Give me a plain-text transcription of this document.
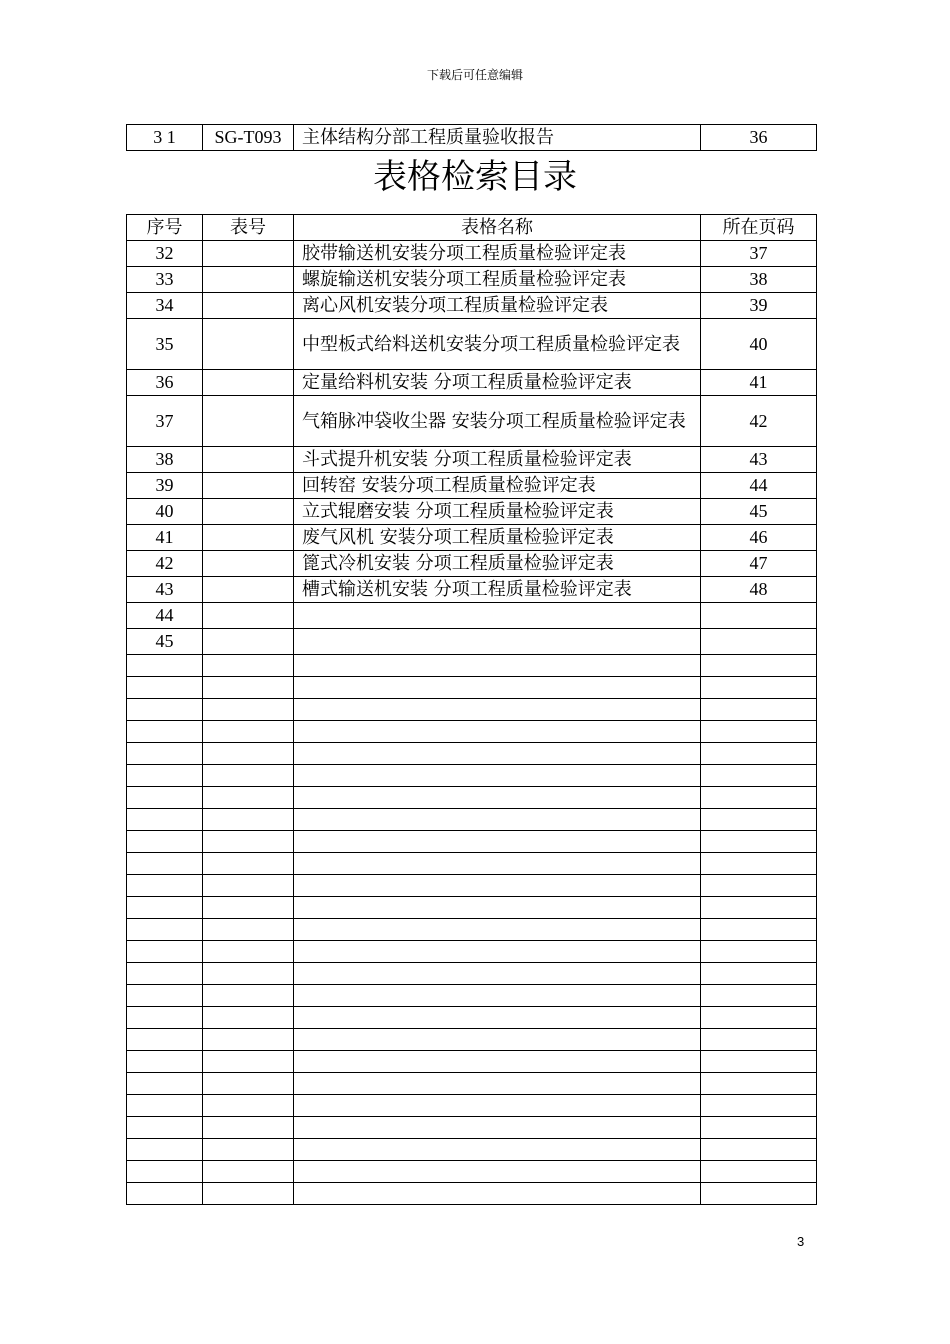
下载后可任意编辑
3 1	SG-T093	主体结构分部工程质量验收报告	36
表格检索目录
序号	表号	表格名称	所在页码
32		胶带输送机安装分项工程质量检验评定表	37
33		螺旋输送机安装分项工程质量检验评定表	38
34		离心风机安装分项工程质量检验评定表	39
35		中型板式给料送机安装分项工程质量检验评定表	40
36		定量给料机安装 分项工程质量检验评定表	41
37		气箱脉冲袋收尘器 安装分项工程质量检验评定表	42
38		斗式提升机安装 分项工程质量检验评定表	43
39		回转窑 安装分项工程质量检验评定表	44
40		立式辊磨安装 分项工程质量检验评定表	45
41		废气风机 安装分项工程质量检验评定表	46
42		篦式冷机安装 分项工程质量检验评定表	47
43		槽式输送机安装 分项工程质量检验评定表	48
44			
45			

3
